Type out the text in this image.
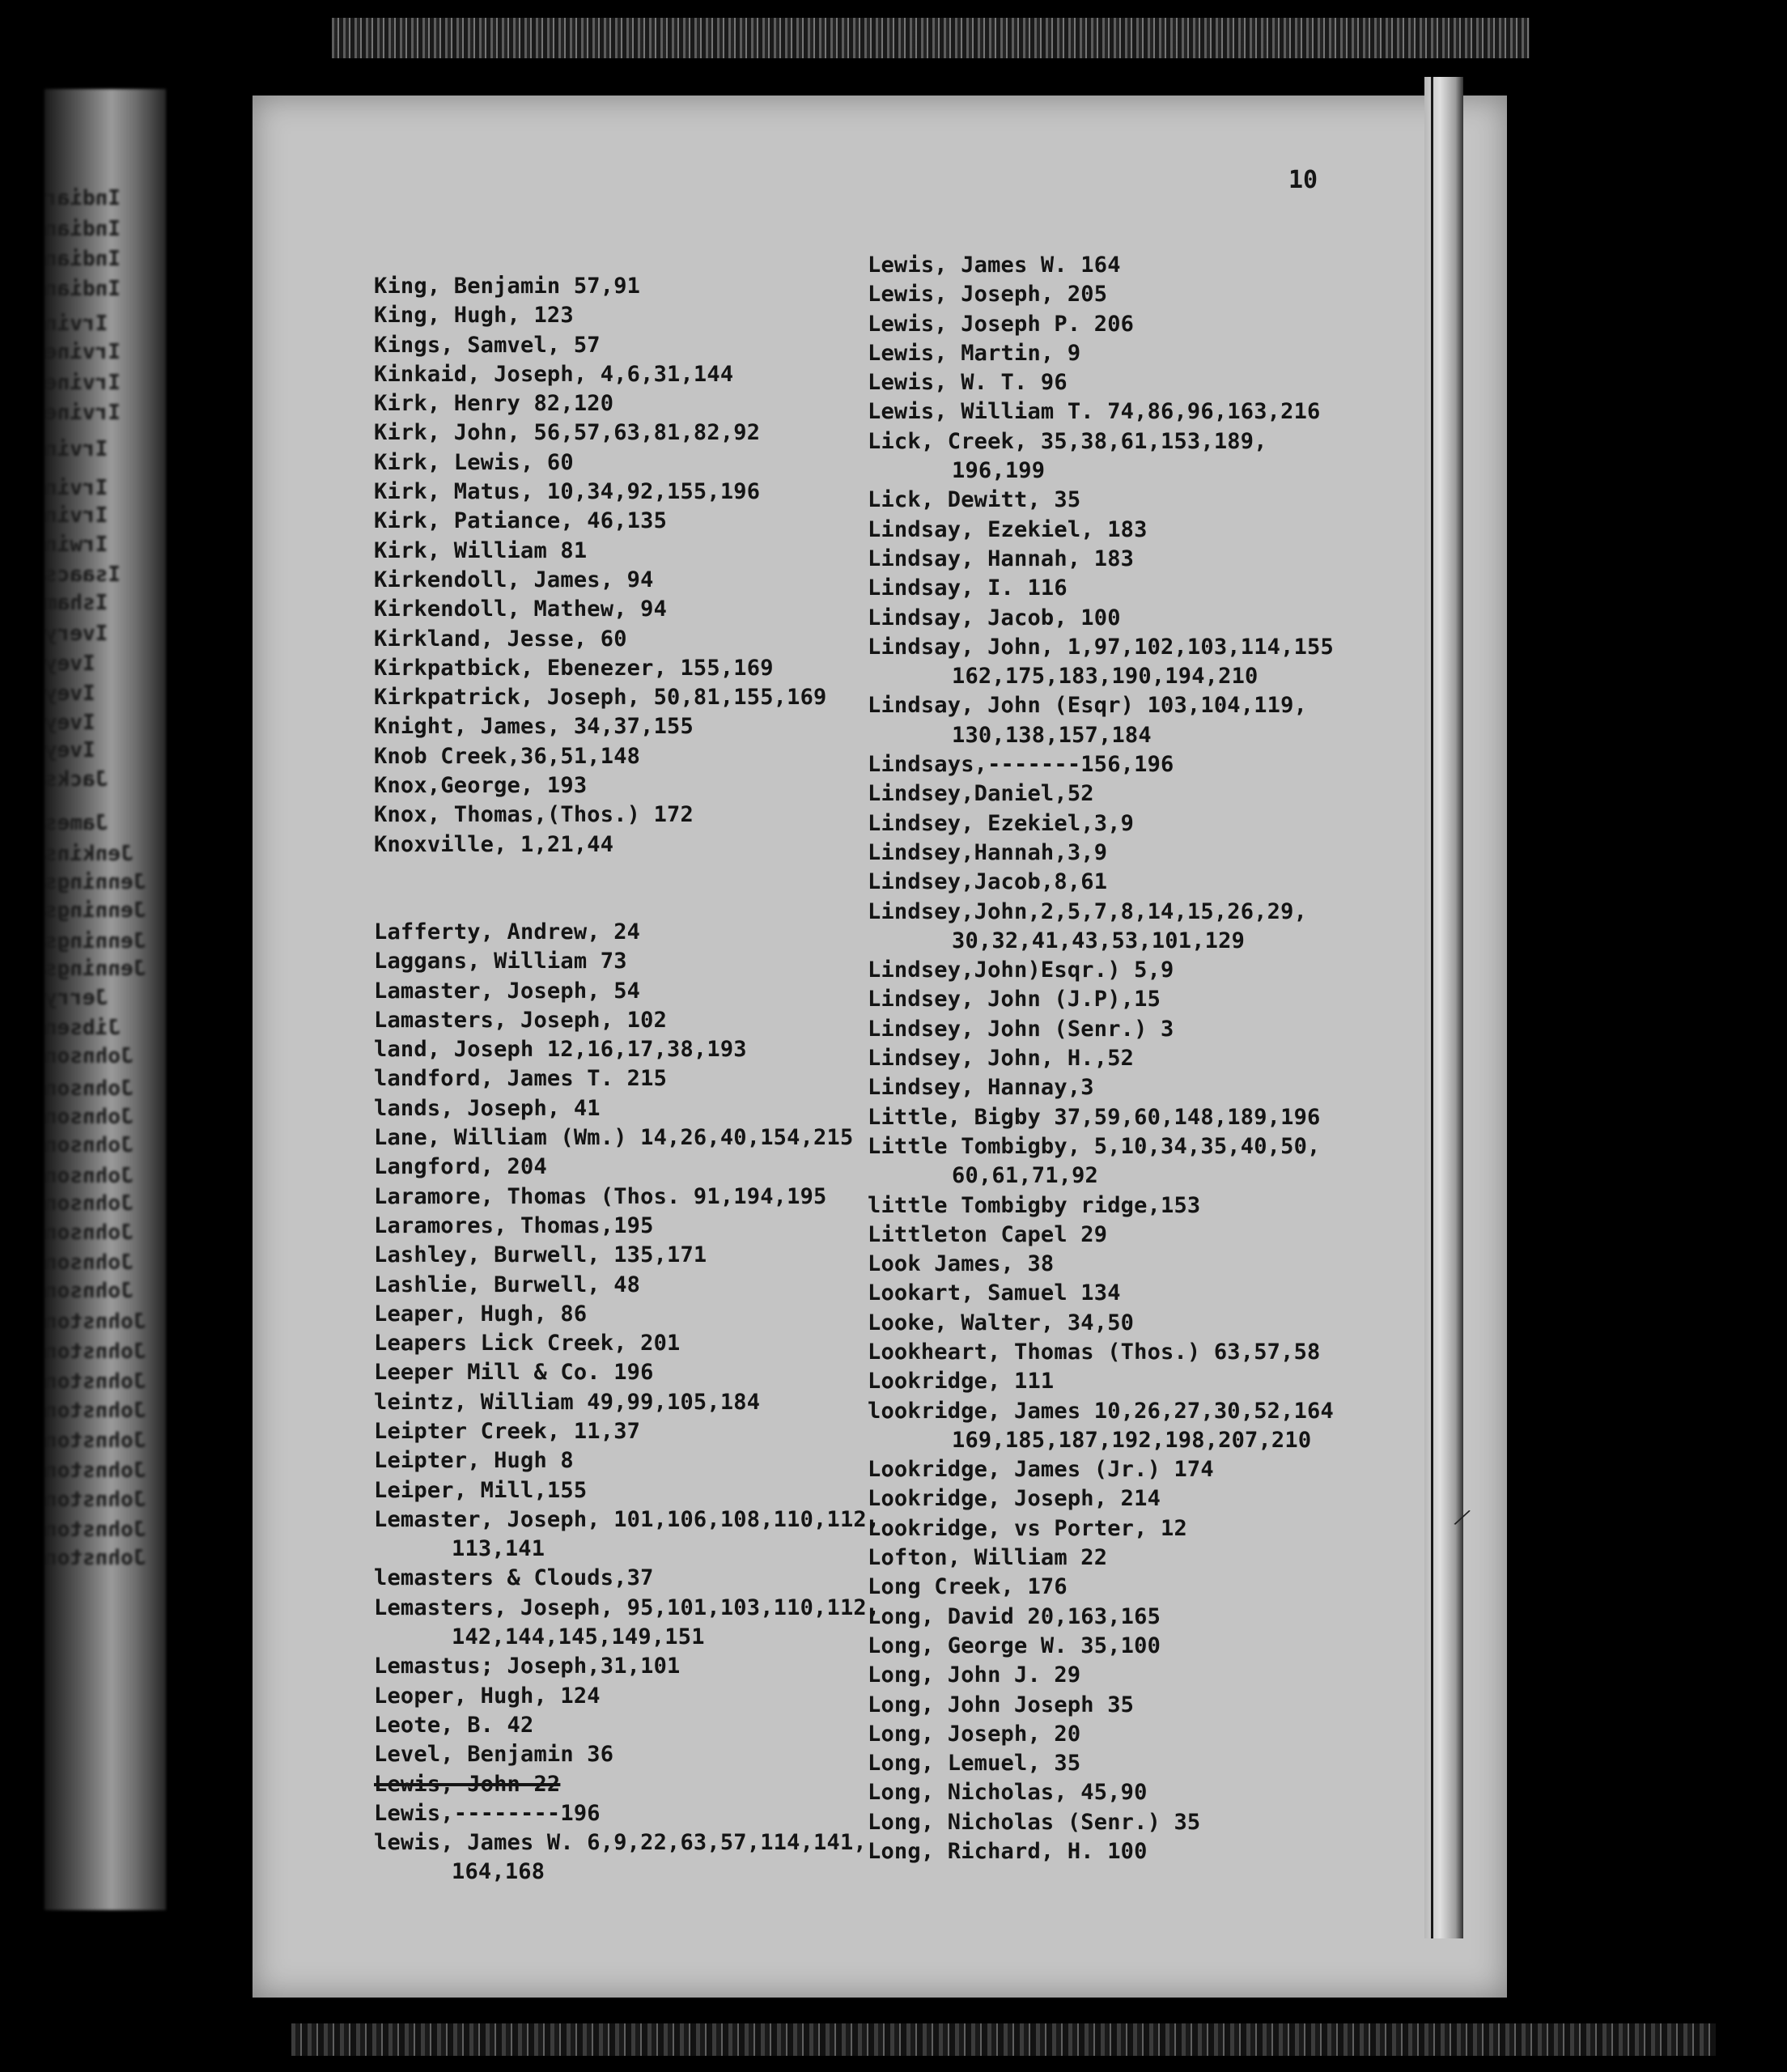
Indiar
Indian
Indian
Indian
Irvin
Irvine
Irvine
Irvine
Irvin
Irvin
Irvin
Irwin
Isaacs
Isham
Ivery
Ivey
Ivey
Ivey
Ivey
Jacks
James
Jenkins
Jennings
Jennings
Jennings
Jennings
Jerry
Jibsen
Johnson
Johnson
Johnson
Johnson
Johnson
Johnson
Johnson
Johnson
Johnson
Johnston
Johnston
Johnston
Johnston
Johnston
Johnston
Johnston
Johnston
Johnston
10
King, Benjamin 57,91
King, Hugh, 123
Kings, Samvel, 57
Kinkaid, Joseph, 4,6,31,144
Kirk, Henry 82,120
Kirk, John, 56,57,63,81,82,92
Kirk, Lewis, 60
Kirk, Matus, 10,34,92,155,196
Kirk, Patiance, 46,135
Kirk, William 81
Kirkendoll, James, 94
Kirkendoll, Mathew, 94
Kirkland, Jesse, 60
Kirkpatbick, Ebenezer, 155,169
Kirkpatrick, Joseph, 50,81,155,169
Knight, James, 34,37,155
Knob Creek,36,51,148
Knox,George, 193
Knox, Thomas,(Thos.) 172
Knoxville, 1,21,44
Lafferty, Andrew, 24
Laggans, William 73
Lamaster, Joseph, 54
Lamasters, Joseph, 102
land, Joseph 12,16,17,38,193
landford, James T. 215
lands, Joseph, 41
Lane, William (Wm.) 14,26,40,154,215
Langford, 204
Laramore, Thomas (Thos. 91,194,195
Laramores, Thomas,195
Lashley, Burwell, 135,171
Lashlie, Burwell, 48
Leaper, Hugh, 86
Leapers Lick Creek, 201
Leeper Mill & Co. 196
leintz, William 49,99,105,184
Leipter Creek, 11,37
Leipter, Hugh 8
Leiper, Mill,155
Lemaster, Joseph, 101,106,108,110,112,
113,141
lemasters & Clouds,37
Lemasters, Joseph, 95,101,103,110,112,
142,144,145,149,151
Lemastus; Joseph,31,101
Leoper, Hugh, 124
Leote, B. 42
Level, Benjamin 36
Lewis, John 22
Lewis,--------196
lewis, James W. 6,9,22,63,57,114,141,
164,168
Lewis, James W. 164
Lewis, Joseph, 205
Lewis, Joseph P. 206
Lewis, Martin, 9
Lewis, W. T. 96
Lewis, William T. 74,86,96,163,216
Lick, Creek, 35,38,61,153,189,
196,199
Lick, Dewitt, 35
Lindsay, Ezekiel, 183
Lindsay, Hannah, 183
Lindsay, I. 116
Lindsay, Jacob, 100
Lindsay, John, 1,97,102,103,114,155
162,175,183,190,194,210
Lindsay, John (Esqr) 103,104,119,
130,138,157,184
Lindsays,-------156,196
Lindsey,Daniel,52
Lindsey, Ezekiel,3,9
Lindsey,Hannah,3,9
Lindsey,Jacob,8,61
Lindsey,John,2,5,7,8,14,15,26,29,
30,32,41,43,53,101,129
Lindsey,John)Esqr.) 5,9
Lindsey, John (J.P),15
Lindsey, John (Senr.) 3
Lindsey, John, H.,52
Lindsey, Hannay,3
Little, Bigby 37,59,60,148,189,196
Little Tombigby, 5,10,34,35,40,50,
60,61,71,92
little Tombigby ridge,153
Littleton Capel 29
Look James, 38
Lookart, Samuel 134
Looke, Walter, 34,50
Lookheart, Thomas (Thos.) 63,57,58
Lookridge, 111
lookridge, James 10,26,27,30,52,164
169,185,187,192,198,207,210
Lookridge, James (Jr.) 174
Lookridge, Joseph, 214
Lookridge, vs Porter, 12
Lofton, William 22
Long Creek, 176
Long, David 20,163,165
Long, George W. 35,100
Long, John J. 29
Long, John Joseph 35
Long, Joseph, 20
Long, Lemuel, 35
Long, Nicholas, 45,90
Long, Nicholas (Senr.) 35
Long, Richard, H. 100
⁄
